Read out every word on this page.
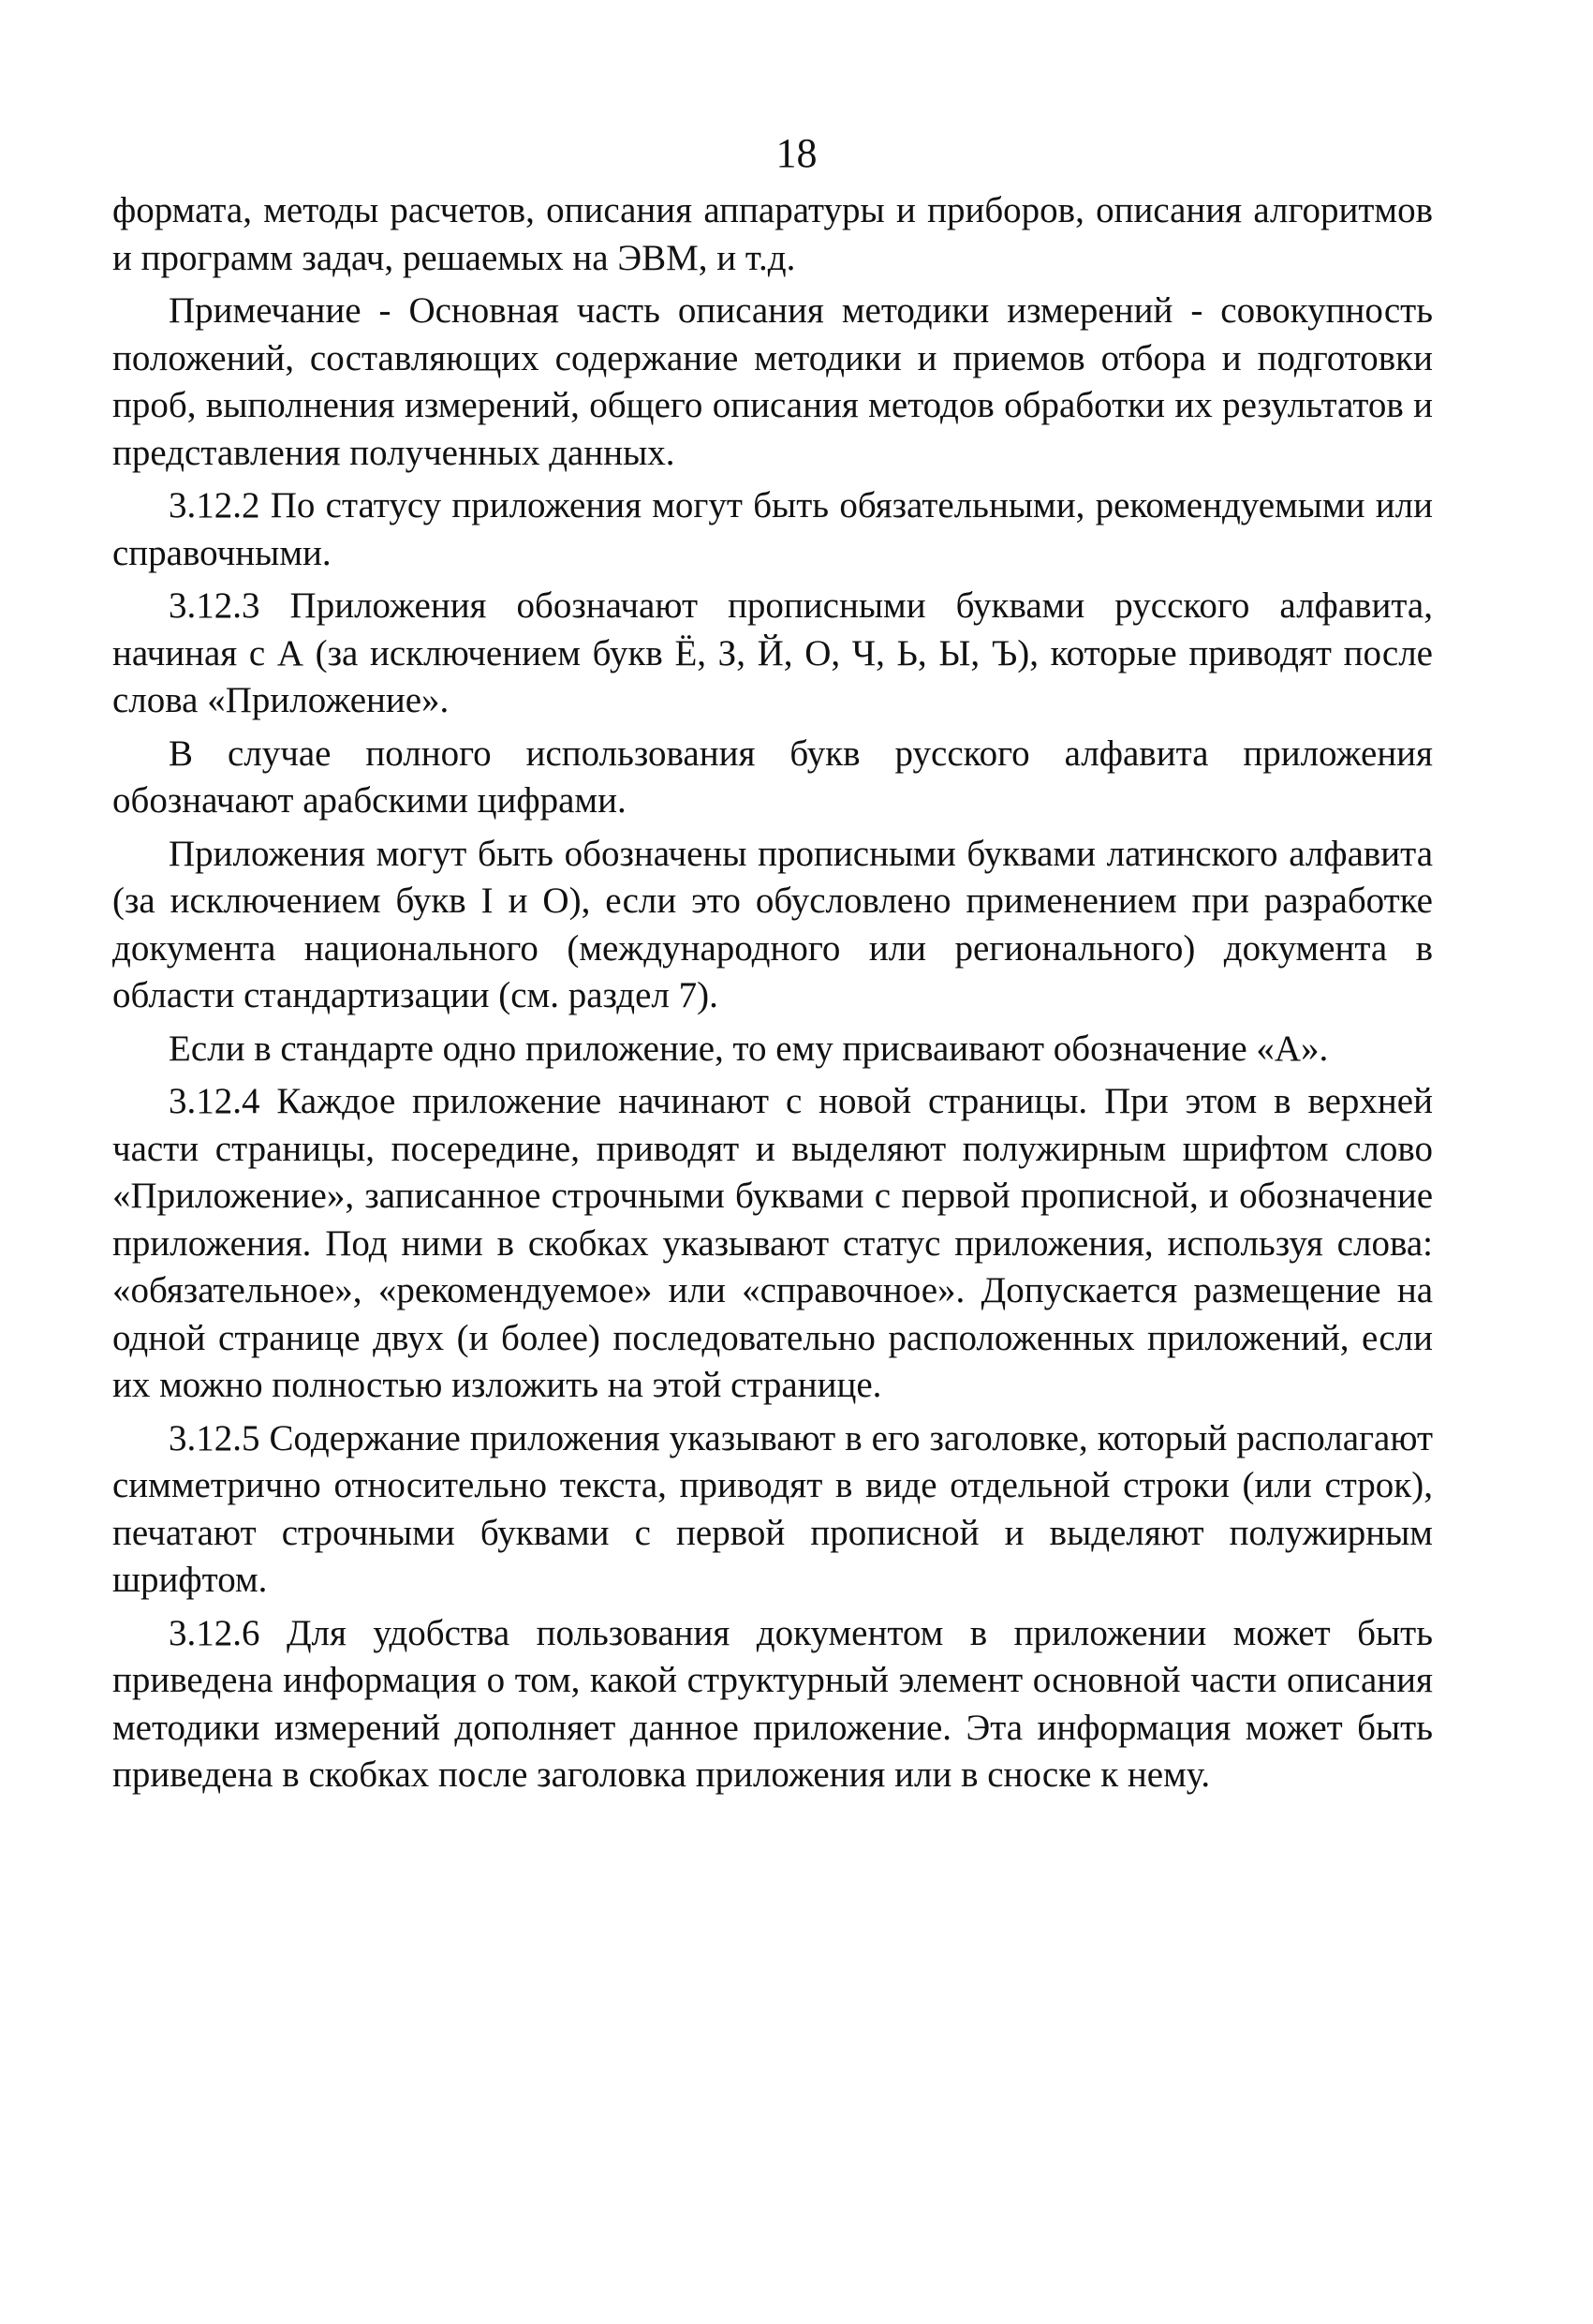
18

формата, методы расчетов, описания аппаратуры и приборов, описания алгоритмов и программ задач, решаемых на ЭВМ, и т.д.

Примечание - Основная часть описания методики измерений - совокупность положений, составляющих содержание методики и приемов отбора и подготовки проб, выполнения измерений, общего описания методов обработки их результатов и представления полученных данных.

3.12.2 По статусу приложения могут быть обязательными, рекомендуемыми или справочными.

3.12.3 Приложения обозначают прописными буквами русского алфавита, начиная с А (за исключением букв Ё, З, Й, О, Ч, Ь, Ы, Ъ), которые приводят после слова «Приложение».

В случае полного использования букв русского алфавита приложения обозначают арабскими цифрами.

Приложения могут быть обозначены прописными буквами латинского алфавита (за исключением букв I и O), если это обусловлено применением при разработке документа национального (международного или регионального) документа в области стандартизации (см. раздел 7).

Если в стандарте одно приложение, то ему присваивают обозначение «А».

3.12.4 Каждое приложение начинают с новой страницы. При этом в верхней части страницы, посередине, приводят и выделяют полужирным шрифтом слово «Приложение», записанное строчными буквами с первой прописной, и обозначение приложения. Под ними в скобках указывают статус приложения, используя слова: «обязательное», «рекомендуемое» или «справочное». Допускается размещение на одной странице двух (и более) последовательно расположенных приложений, если их можно полностью изложить на этой странице.

3.12.5 Содержание приложения указывают в его заголовке, который располагают симметрично относительно текста, приводят в виде отдельной строки (или строк), печатают строчными буквами с первой прописной и выделяют полужирным шрифтом.

3.12.6 Для удобства пользования документом в приложении может быть приведена информация о том, какой структурный элемент основной части описания методики измерений дополняет данное приложение. Эта информация может быть приведена в скобках после заголовка приложения или в сноске к нему.
